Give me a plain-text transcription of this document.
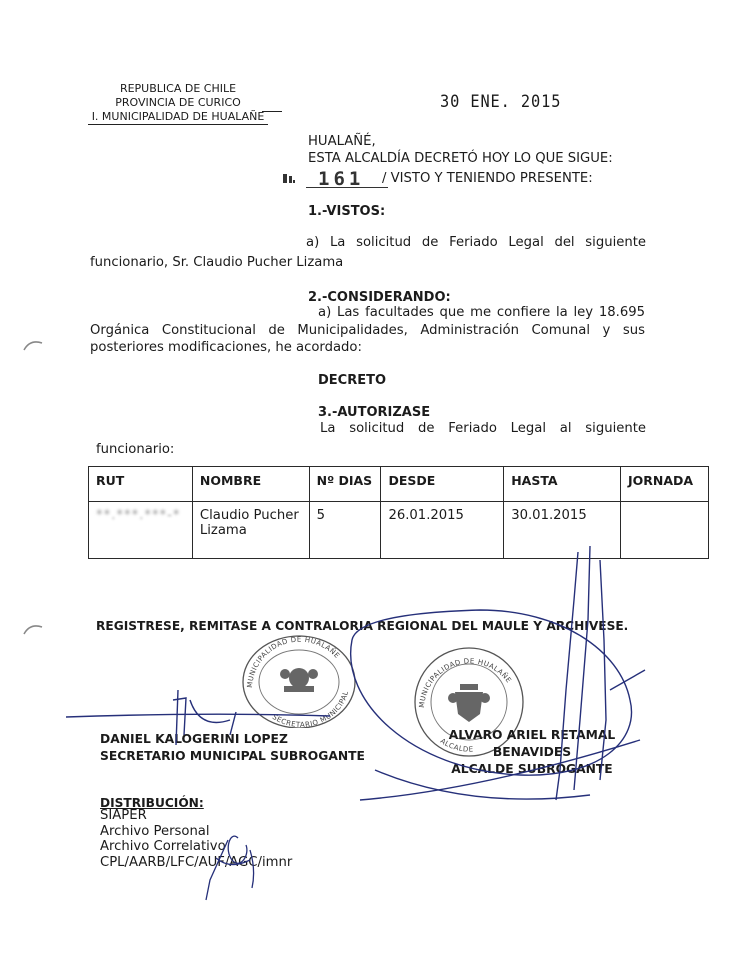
REPUBLICA DE CHILE
PROVINCIA DE CURICO
I. MUNICIPALIDAD DE HUALAÑE
30 ENE. 2015
HUALAÑÉ,
ESTA ALCALDÍA DECRETÓ HOY LO QUE SIGUE:
161 / VISTO Y TENIENDO PRESENTE:
1.-VISTOS:
a) La solicitud de Feriado Legal del siguiente
funcionario, Sr. Claudio Pucher Lizama
2.-CONSIDERANDO:
a) Las facultades que me confiere la ley 18.695
Orgánica Constitucional de Municipalidades, Administración Comunal y sus
posteriores modificaciones, he acordado:
DECRETO
3.-AUTORIZASE
La solicitud de Feriado Legal al siguiente
funcionario:
RUT	NOMBRE	Nº DIAS	DESDE	HASTA	JORNADA
**.***.***-*	Claudio Pucher Lizama	5	26.01.2015	30.01.2015	
REGISTRESE, REMITASE A CONTRALORIA REGIONAL DEL MAULE Y ARCHIVESE.
MUNICIPALIDAD DE HUALAÑE
SECRETARIO MUNICIPAL
MUNICIPALIDAD DE HUALAÑE
ALCALDE
DANIEL KALOGERINI LOPEZ
SECRETARIO MUNICIPAL SUBROGANTE
ALVARO ARIEL RETAMAL BENAVIDES
ALCALDE SUBROGANTE
DISTRIBUCIÓN:
SIAPER
Archivo Personal
Archivo Correlativo
CPL/AARB/LFC/AUF/AGC/imnr
